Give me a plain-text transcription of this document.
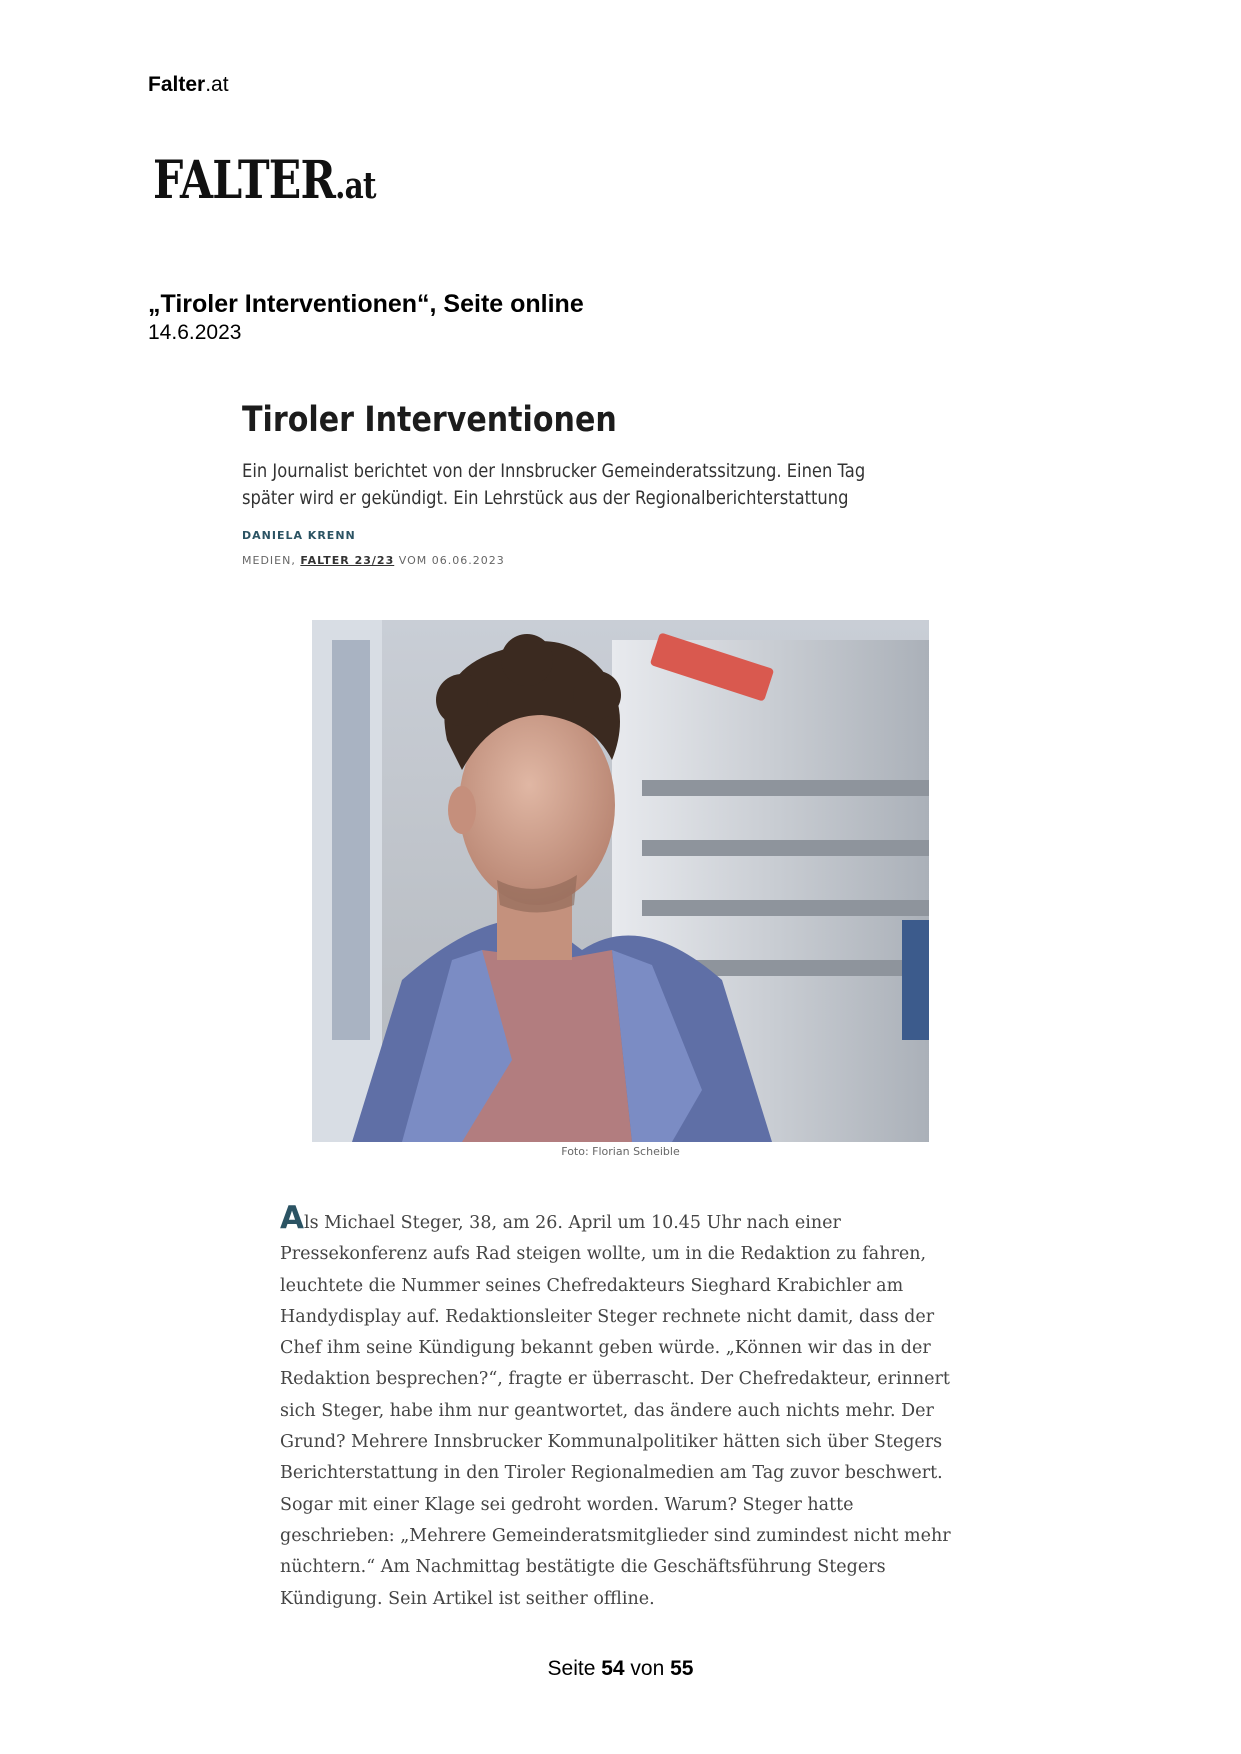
Falter.at
FALTER.at
„Tiroler Interventionen“, Seite online
14.6.2023
Tiroler Interventionen
Ein Journalist berichtet von der Innsbrucker Gemeinderatssitzung. Einen Tag später wird er gekündigt. Ein Lehrstück aus der Regionalberichterstattung
DANIELA KRENN
MEDIEN, FALTER 23/23 VOM 06.06.2023
Foto: Florian Scheible
Als Michael Steger, 38, am 26. April um 10.45 Uhr nach einer
Pressekonferenz aufs Rad steigen wollte, um in die Redaktion zu fahren,
leuchtete die Nummer seines Chefredakteurs Sieghard Krabichler am
Handydisplay auf. Redaktionsleiter Steger rechnete nicht damit, dass der
Chef ihm seine Kündigung bekannt geben würde. „Können wir das in der
Redaktion besprechen?“, fragte er überrascht. Der Chefredakteur, erinnert
sich Steger, habe ihm nur geantwortet, das ändere auch nichts mehr. Der
Grund? Mehrere Innsbrucker Kommunalpolitiker hätten sich über Stegers
Berichterstattung in den Tiroler Regionalmedien am Tag zuvor beschwert.
Sogar mit einer Klage sei gedroht worden. Warum? Steger hatte
geschrieben: „Mehrere Gemeinderatsmitglieder sind zumindest nicht mehr
nüchtern.“ Am Nachmittag bestätigte die Geschäftsführung Stegers
Kündigung. Sein Artikel ist seither offline.
Seite 54 von 55
